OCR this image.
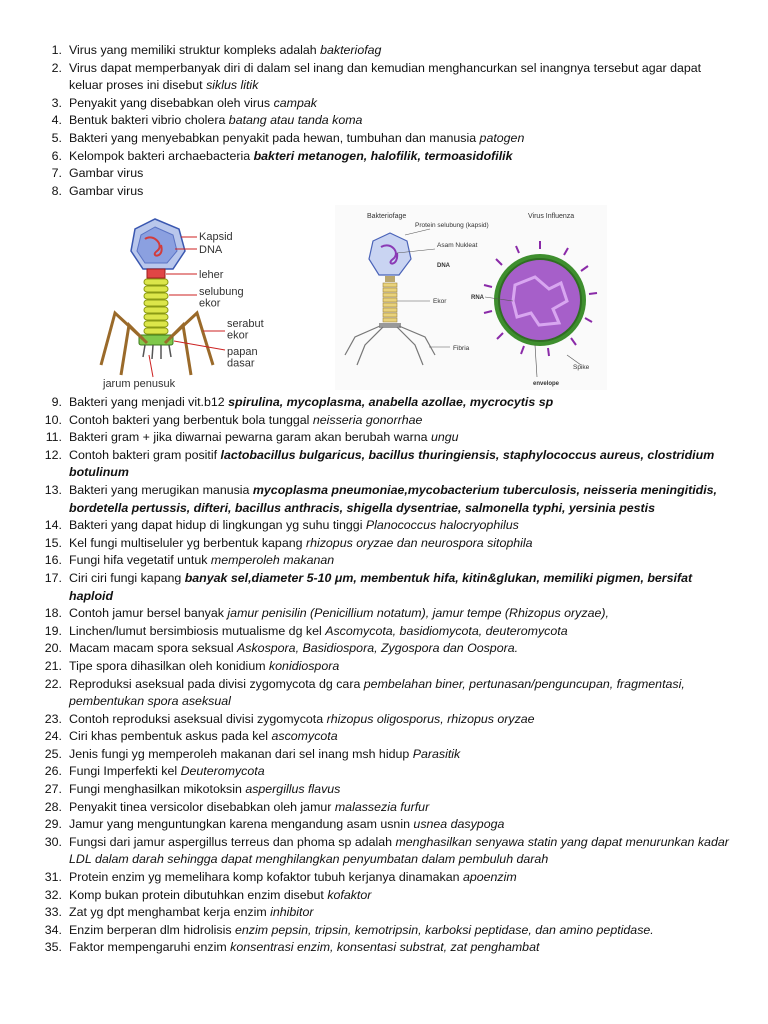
1. Virus yang memiliki struktur kompleks adalah bakteriofag
2. Virus dapat memperbanyak diri di dalam sel inang dan kemudian menghancurkan sel inangnya tersebut agar dapat keluar proses ini disebut siklus litik
3. Penyakit yang disebabkan oleh virus campak
4. Bentuk bakteri vibrio cholera batang atau tanda koma
5. Bakteri yang menyebabkan penyakit pada hewan, tumbuhan dan manusia patogen
6. Kelompok bakteri archaebacteria bakteri metanogen, halofilik, termoasidofilik
7. Gambar virus
8. Gambar virus
Kapsid
DNA
leher
selubung ekor
serabut ekor
papan dasar
jarum penusuk
Bakteriofage	Virus Influenza
Protein selubung (kapsid)
Asam Nukleat
DNA
Ekor
Fibria
RNA
Spike
envelope
9. Bakteri yang menjadi vit.b12 spirulina, mycoplasma, anabella azollae, mycrocytis sp
10. Contoh bakteri yang berbentuk bola tunggal neisseria gonorrhae
11. Bakteri gram + jika diwarnai pewarna garam akan berubah warna ungu
12. Contoh bakteri gram positif lactobacillus bulgaricus, bacillus thuringiensis, staphylococcus aureus, clostridium botulinum
13. Bakteri yang merugikan manusia mycoplasma pneumoniae,mycobacterium tuberculosis, neisseria meningitidis, bordetella pertussis, difteri, bacillus anthracis, shigella dysentriae, salmonella typhi, yersinia pestis
14. Bakteri yang dapat hidup di lingkungan yg suhu tinggi Planococcus halocryophilus
15. Kel fungi multiseluler yg berbentuk kapang rhizopus oryzae dan neurospora sitophila
16. Fungi hifa vegetatif untuk memperoleh makanan
17. Ciri ciri fungi kapang banyak sel,diameter 5-10 μm, membentuk hifa, kitin&glukan, memiliki pigmen, bersifat haploid
18. Contoh jamur bersel banyak jamur penisilin (Penicillium notatum), jamur tempe (Rhizopus oryzae),
19. Linchen/lumut bersimbiosis mutualisme dg kel Ascomycota, basidiomycota, deuteromycota
20. Macam macam spora seksual Askospora, Basidiospora, Zygospora dan Oospora.
21. Tipe spora dihasilkan oleh konidium konidiospora
22. Reproduksi aseksual pada divisi zygomycota dg cara pembelahan biner, pertunasan/penguncupan, fragmentasi, pembentukan spora aseksual
23. Contoh reproduksi aseksual divisi zygomycota rhizopus oligosporus, rhizopus oryzae
24. Ciri khas pembentuk askus pada kel ascomycota
25. Jenis fungi yg memperoleh makanan dari sel inang msh hidup Parasitik
26. Fungi Imperfekti kel Deuteromycota
27. Fungi menghasilkan mikotoksin aspergillus flavus
28. Penyakit tinea versicolor disebabkan oleh jamur malassezia furfur
29. Jamur yang menguntungkan karena mengandung asam usnin usnea dasypoga
30. Fungsi dari jamur aspergillus terreus dan phoma sp adalah menghasilkan senyawa statin yang dapat menurunkan kadar LDL dalam darah sehingga dapat menghilangkan penyumbatan dalam pembuluh darah
31. Protein enzim yg memelihara komp kofaktor tubuh kerjanya dinamakan apoenzim
32. Komp bukan protein dibutuhkan enzim disebut kofaktor
33. Zat yg dpt menghambat kerja enzim inhibitor
34. Enzim berperan dlm hidrolisis enzim pepsin, tripsin, kemotripsin, karboksi peptidase, dan amino peptidase.
35. Faktor mempengaruhi enzim konsentrasi enzim, konsentasi substrat, zat penghambat
